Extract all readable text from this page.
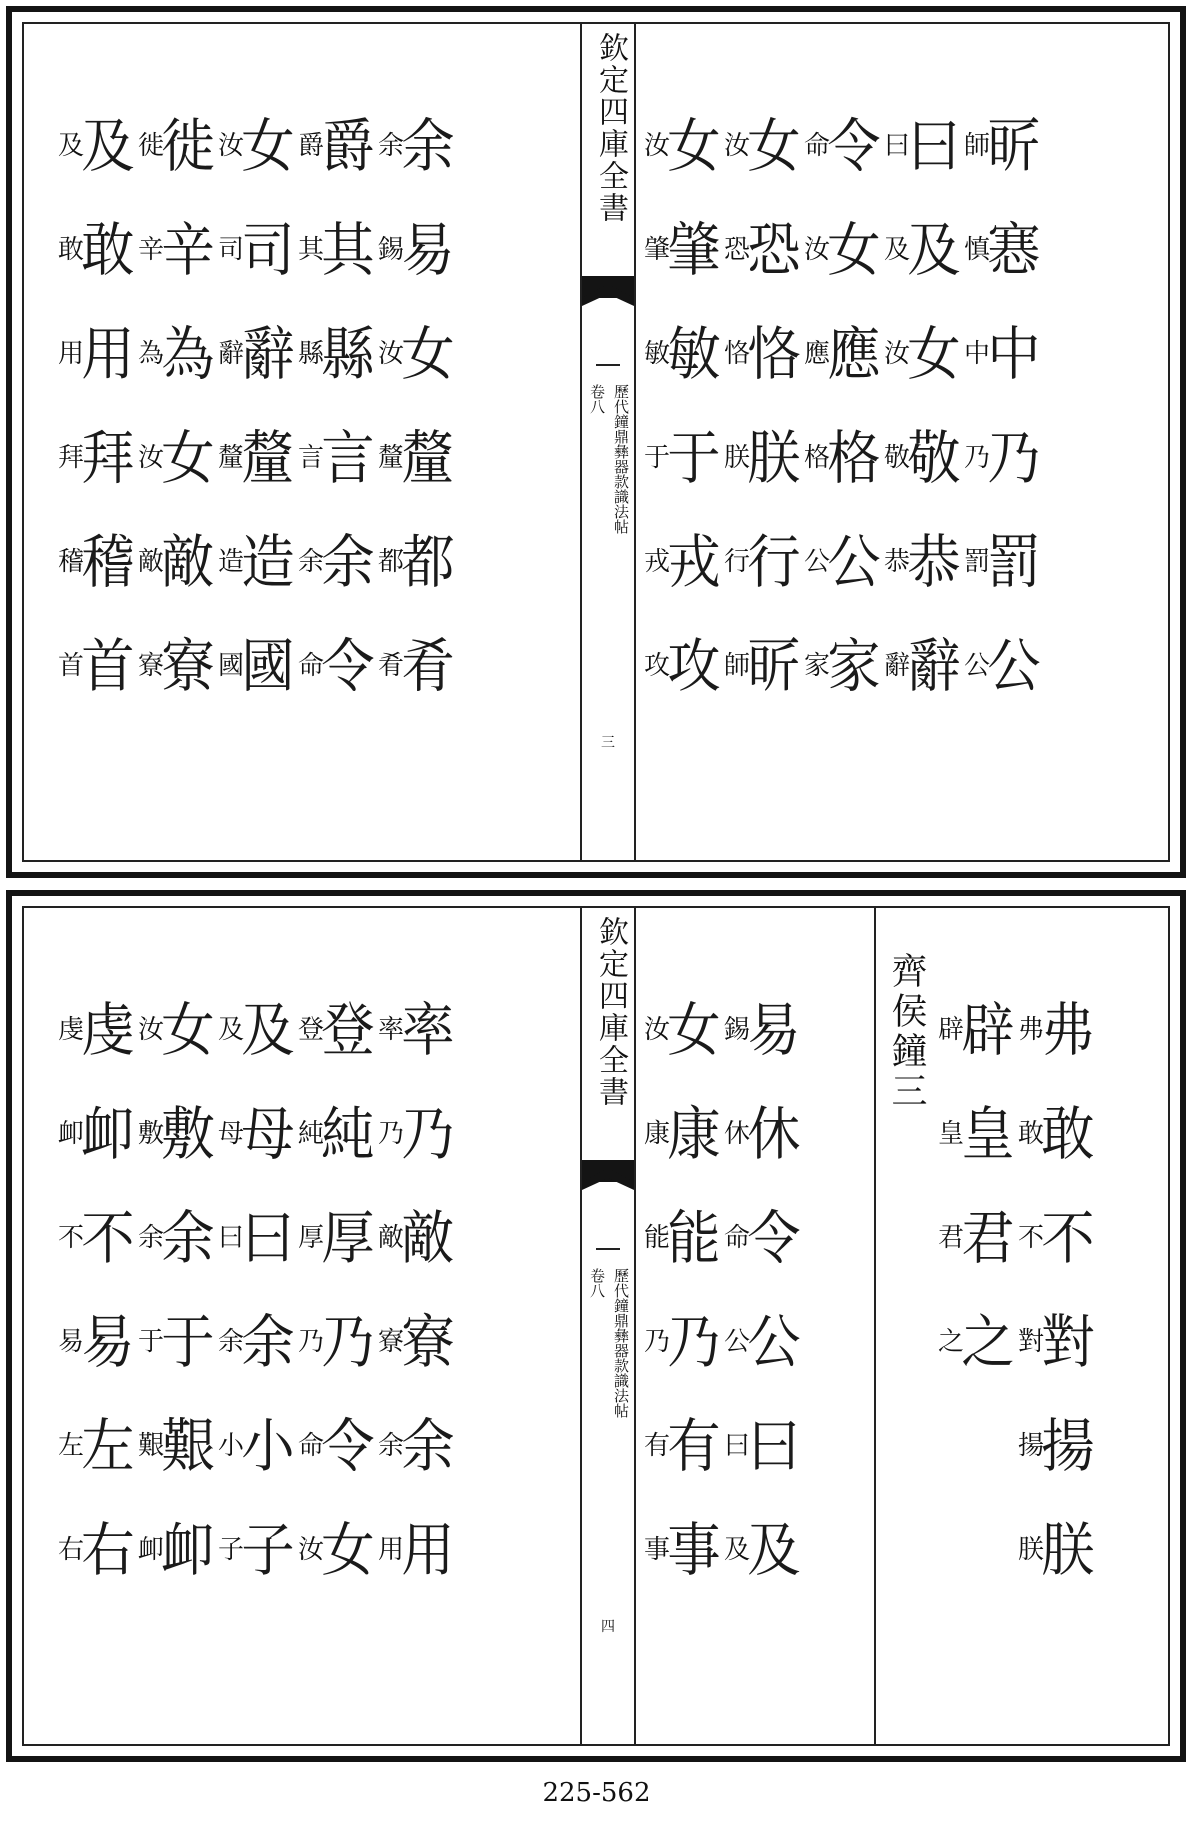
余
余
易
錫
女
汝
釐
釐
都
都
肴
肴
爵
爵
其
其
縣
縣
言
言
余
余
令
命
女
汝
司
司
辭
辭
釐
釐
造
造
國
國
徙
徙
辛
辛
為
為
女
汝
敵
敵
寮
寮
及
及
敢
敢
用
用
拜
拜
稽
稽
首
首
欽定四庫全書
卷八 歷代鐘鼎彝器款識法帖
三
㪽
師
㥶
慎
中
中
乃
乃
罰
罰
公
公
曰
曰
及
及
女
汝
敬
敬
恭
恭
辭
辭
令
命
女
汝
應
應
格
格
公
公
家
家
女
汝
恐
恐
恪
恪
朕
朕
行
行
㪽
師
女
汝
肇
肇
敏
敏
于
于
戎
戎
攻
攻
率
率
乃
乃
敵
敵
寮
寮
余
余
用
用
登
登
純
純
厚
厚
乃
乃
令
命
女
汝
及
及
母
母
曰
曰
余
余
小
小
子
子
女
汝
敷
敷
余
余
于
于
艱
艱
卹
卹
虔
虔
卹
卹
不
不
易
易
左
左
右
右
欽定四庫全書
卷八 歷代鐘鼎彝器款識法帖
四
易
錫
休
休
令
命
公
公
曰
曰
及
及
女
汝
康
康
能
能
乃
乃
有
有
事
事
齊侯鐘三 弗
弗
敢
敢
不
不
對
對
揚
揚
朕
朕
辟
辟
皇
皇
君
君
之
之
225-562
